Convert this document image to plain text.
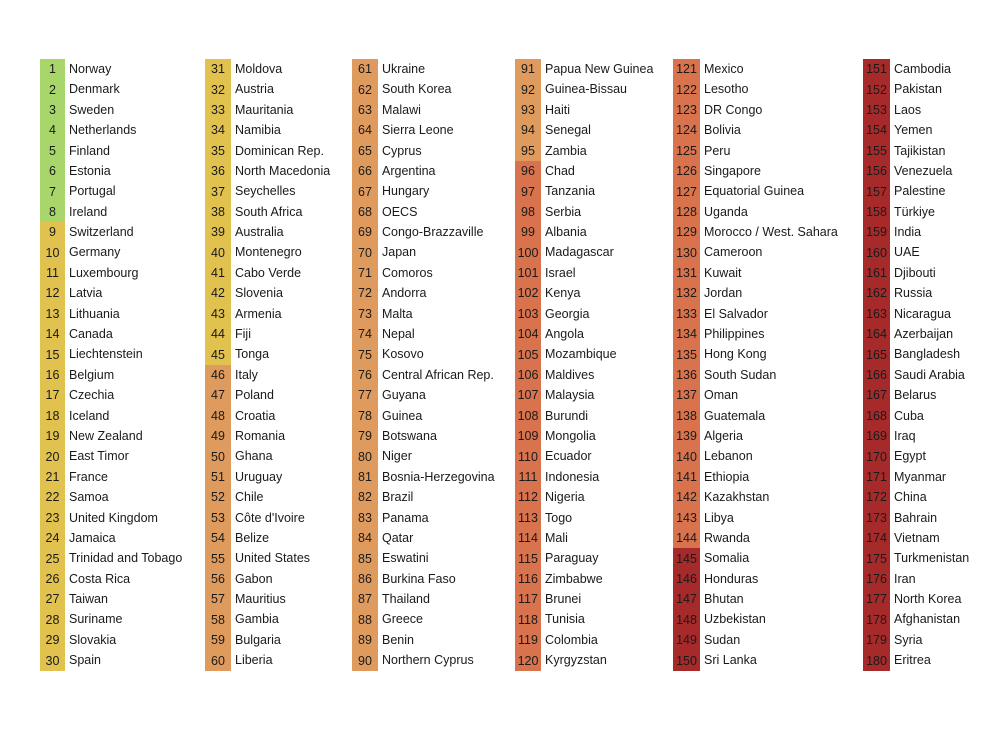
1	Norway
2	Denmark
3	Sweden
4	Netherlands
5	Finland
6	Estonia
7	Portugal
8	Ireland
9	Switzerland
10 Germany
11 Luxembourg
12 Latvia
13 Lithuania
14 Canada
15 Liechtenstein
16 Belgium
17 Czechia
18 Iceland
19 New Zealand
20 East Timor
21 France
22 Samoa
23 United Kingdom
24 Jamaica
25 Trinidad and Tobago
26 Costa Rica
27 Taiwan
28 Suriname
29 Slovakia
30 Spain
31 Moldova
32 Austria
33 Mauritania
34 Namibia
35 Dominican Rep.
36 North Macedonia
37 Seychelles
38 South Africa
39 Australia
40 Montenegro
41 Cabo Verde
42 Slovenia
43 Armenia
44 Fiji
45 Tonga
46 Italy
47 Poland
48 Croatia
49 Romania
50 Ghana
51 Uruguay
52 Chile
53 Côte d'Ivoire
54 Belize
55 United States
56 Gabon
57 Mauritius
58 Gambia
59 Bulgaria
60 Liberia
61 Ukraine
62 South Korea
63 Malawi
64 Sierra Leone
65 Cyprus
66 Argentina
67 Hungary
68 OECS
69 Congo-Brazzaville
70 Japan
71 Comoros
72 Andorra
73 Malta
74 Nepal
75 Kosovo
76 Central African Rep.
77 Guyana
78 Guinea
79 Botswana
80 Niger
81 Bosnia-Herzegovina
82 Brazil
83 Panama
84 Qatar
85 Eswatini
86 Burkina Faso
87 Thailand
88 Greece
89 Benin
90 Northern Cyprus
91 Papua New Guinea
92 Guinea-Bissau
93 Haiti
94 Senegal
95 Zambia
96 Chad
97 Tanzania
98 Serbia
99 Albania
100 Madagascar
101 Israel
102 Kenya
103 Georgia
104 Angola
105 Mozambique
106 Maldives
107 Malaysia
108 Burundi
109 Mongolia
110 Ecuador
111 Indonesia
112 Nigeria
113 Togo
114 Mali
115 Paraguay
116 Zimbabwe
117 Brunei
118 Tunisia
119 Colombia
120 Kyrgyzstan
121 Mexico
122 Lesotho
123 DR Congo
124 Bolivia
125 Peru
126 Singapore
127 Equatorial Guinea
128 Uganda
129 Morocco / West. Sahara
130 Cameroon
131 Kuwait
132 Jordan
133 El Salvador
134 Philippines
135 Hong Kong
136 South Sudan
137 Oman
138 Guatemala
139 Algeria
140 Lebanon
141 Ethiopia
142 Kazakhstan
143 Libya
144 Rwanda
145 Somalia
146 Honduras
147 Bhutan
148 Uzbekistan
149 Sudan
150 Sri Lanka
151 Cambodia
152 Pakistan
153 Laos
154 Yemen
155 Tajikistan
156 Venezuela
157 Palestine
158 Türkiye
159 India
160 UAE
161 Djibouti
162 Russia
163 Nicaragua
164 Azerbaijan
165 Bangladesh
166 Saudi Arabia
167 Belarus
168 Cuba
169 Iraq
170 Egypt
171 Myanmar
172 China
173 Bahrain
174 Vietnam
175 Turkmenistan
176 Iran
177 North Korea
178 Afghanistan
179 Syria
180 Eritrea
